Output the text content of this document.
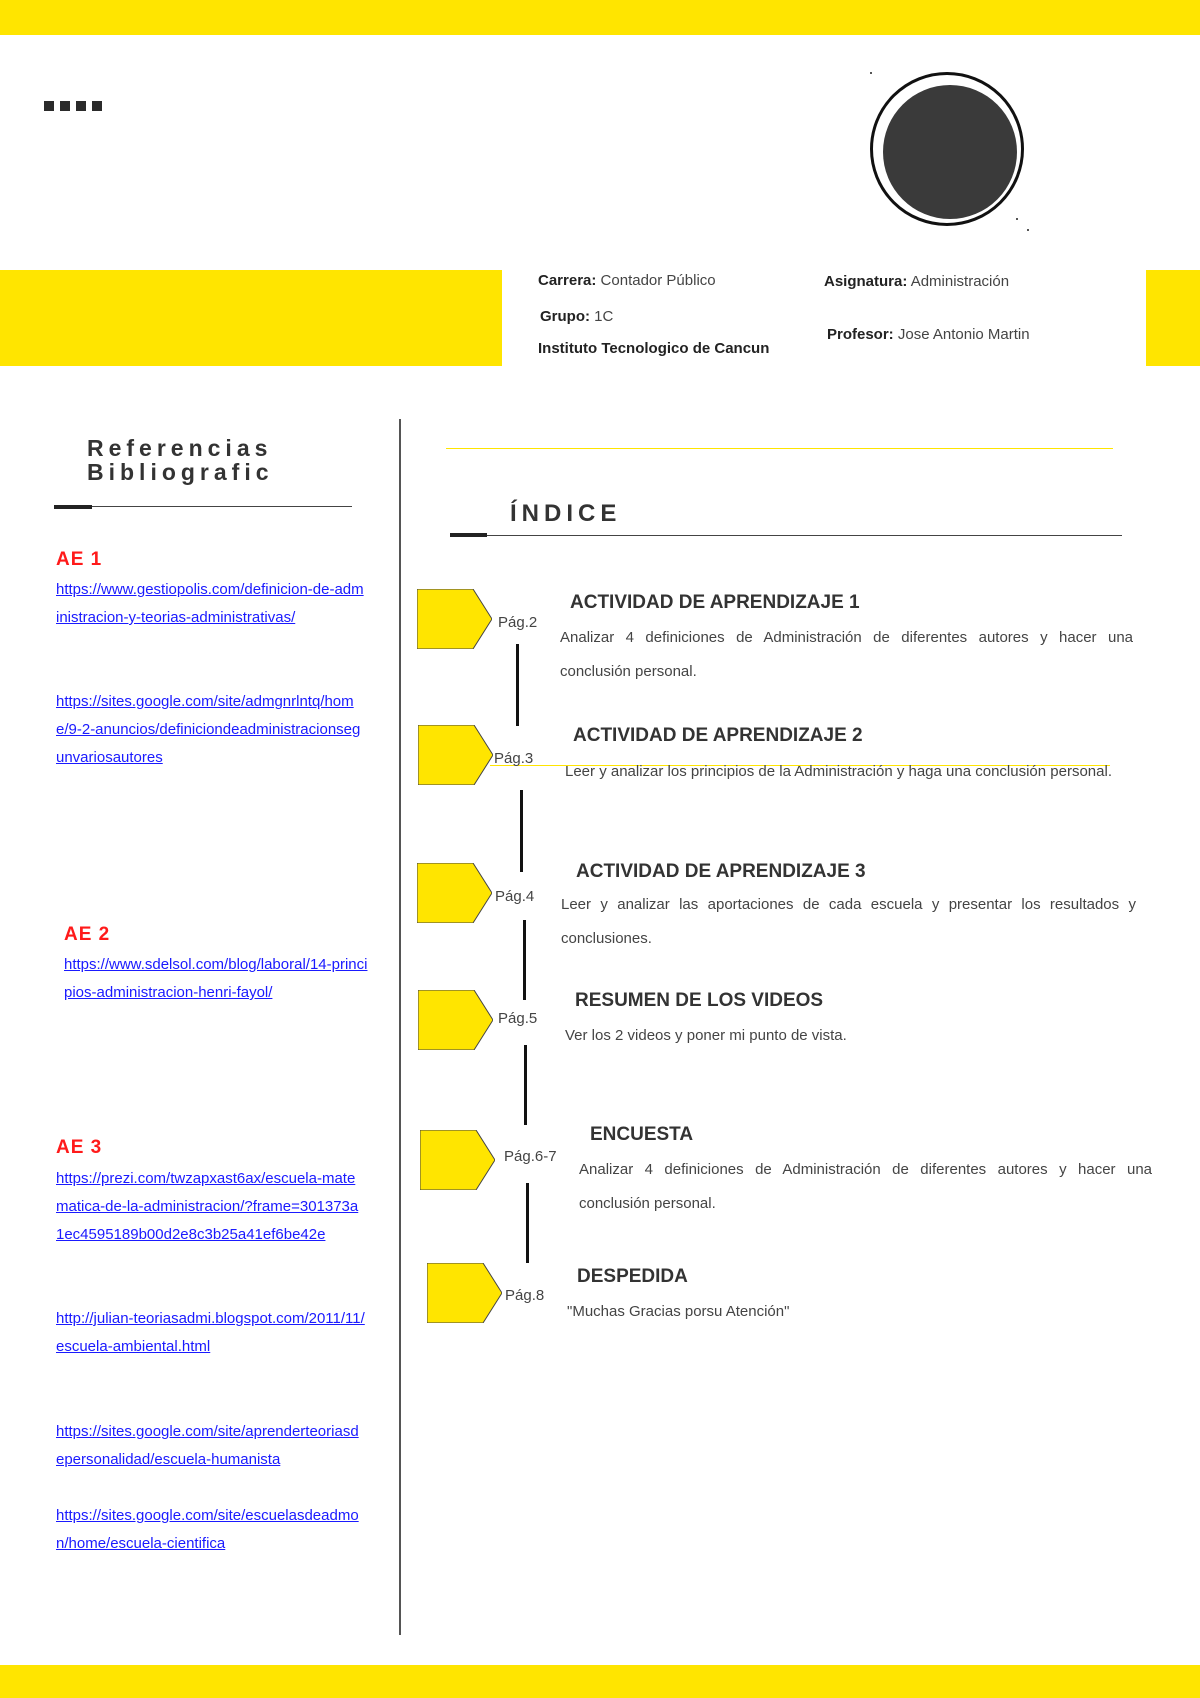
Carrera: Contador Público	Asignatura: Administración
Grupo: 1C
Profesor: Jose Antonio Martin
Instituto Tecnologico de Cancun
Referencias
Bibliografic
AE 1
https://www.gestiopolis.com/definicion-de-administracion-y-teorias-administrativas/
https://sites.google.com/site/admgnrlntq/home/9-2-anuncios/definiciondeadministracionsegunvariosautores
AE 2
https://www.sdelsol.com/blog/laboral/14-principios-administracion-henri-fayol/
AE 3
https://prezi.com/twzapxast6ax/escuela-matematica-de-la-administracion/?frame=301373a1ec4595189b00d2e8c3b25a41ef6be42e
http://julian-teoriasadmi.blogspot.com/2011/11/escuela-ambiental.html
https://sites.google.com/site/aprenderteoriasdepersonalidad/escuela-humanista
https://sites.google.com/site/escuelasdeadmon/home/escuela-cientifica
ÍNDICE
Pág.2
ACTIVIDAD DE APRENDIZAJE 1
Analizar 4 definiciones de Administración de diferentes autores y hacer una conclusión personal.
Pág.3
ACTIVIDAD DE APRENDIZAJE 2
Leer y analizar los principios de la Administración y haga una conclusión personal.
Pág.4
ACTIVIDAD DE APRENDIZAJE 3
Leer y analizar las aportaciones de cada escuela y presentar los resultados y conclusiones.
Pág.5
RESUMEN DE LOS VIDEOS
Ver los 2 videos y poner mi punto de vista.
Pág.6-7
ENCUESTA
Analizar 4 definiciones de Administración de diferentes autores y hacer una conclusión personal.
Pág.8
DESPEDIDA
"Muchas Gracias porsu Atención"
